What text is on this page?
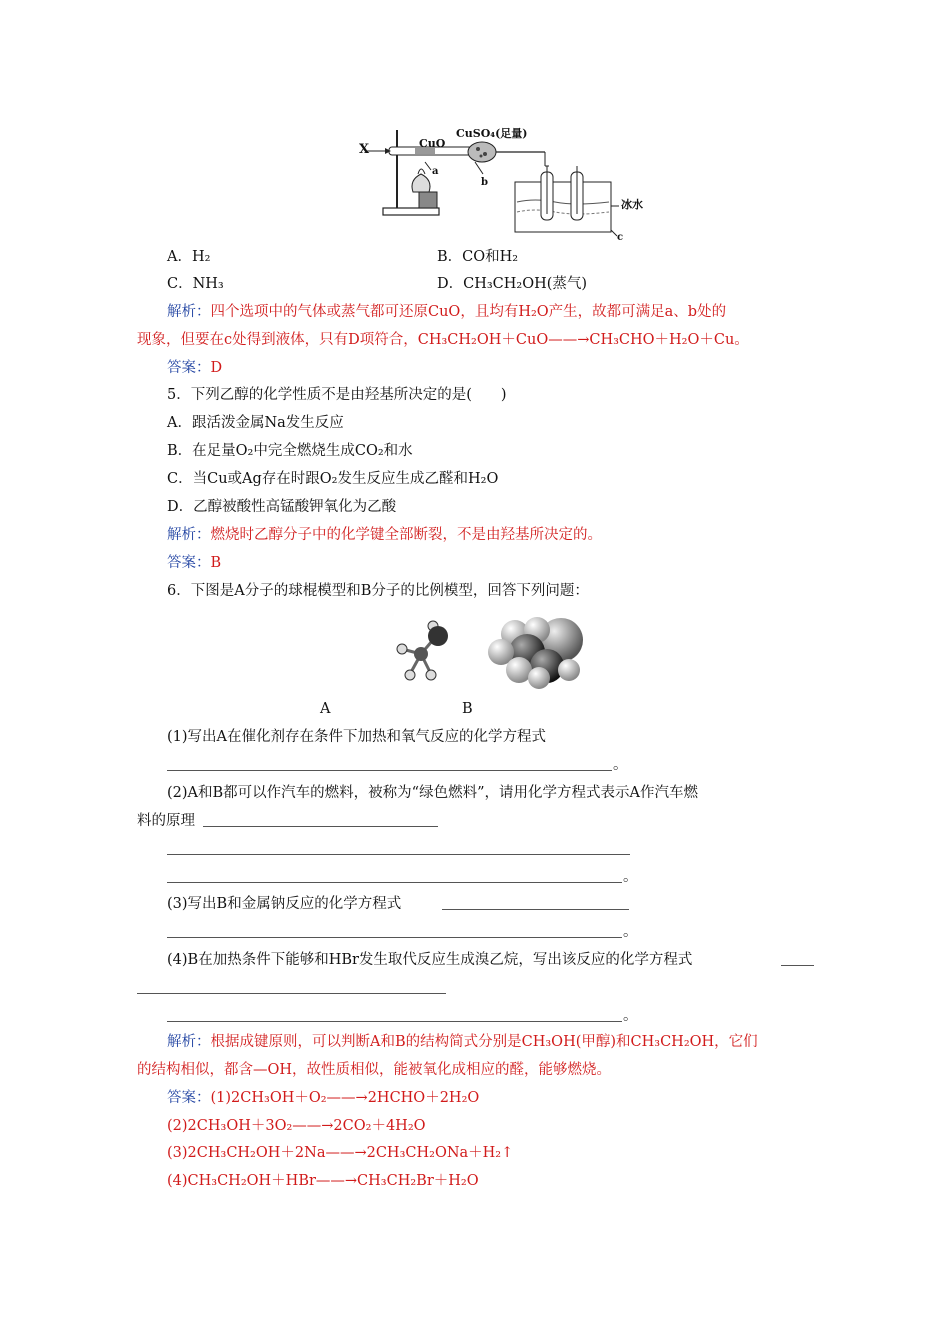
X	CuO
CuSO₄(足量)
a
b
冰水
c
A．H₂	B．CO和H₂
C．NH₃	D．CH₃CH₂OH(蒸气)
解析：四个选项中的气体或蒸气都可还原CuO，且均有H₂O产生，故都可满足a、b处的
现象，但要在c处得到液体，只有D项符合，CH₃CH₂OH＋CuO——→CH₃CHO＋H₂O＋Cu。
答案：D
5．下列乙醇的化学性质不是由羟基所决定的是(　　)
A．跟活泼金属Na发生反应
B．在足量O₂中完全燃烧生成CO₂和水
C．当Cu或Ag存在时跟O₂发生反应生成乙醛和H₂O
D．乙醇被酸性高锰酸钾氧化为乙酸
解析：燃烧时乙醇分子中的化学键全部断裂，不是由羟基所决定的。
答案：B
6．下图是A分子的球棍模型和B分子的比例模型，回答下列问题：
A	B
(1)写出A在催化剂存在条件下加热和氧气反应的化学方程式
。
(2)A和B都可以作汽车的燃料，被称为“绿色燃料”，请用化学方程式表示A作汽车燃
料的原理
。
(3)写出B和金属钠反应的化学方程式
。
(4)B在加热条件下能够和HBr发生取代反应生成溴乙烷，写出该反应的化学方程式
。
解析：根据成键原则，可以判断A和B的结构简式分别是CH₃OH(甲醇)和CH₃CH₂OH，它们
的结构相似，都含—OH，故性质相似，能被氧化成相应的醛，能够燃烧。
答案：(1)2CH₃OH＋O₂——→2HCHO＋2H₂O
(2)2CH₃OH＋3O₂——→2CO₂＋4H₂O
(3)2CH₃CH₂OH＋2Na——→2CH₃CH₂ONa＋H₂↑
(4)CH₃CH₂OH＋HBr——→CH₃CH₂Br＋H₂O
